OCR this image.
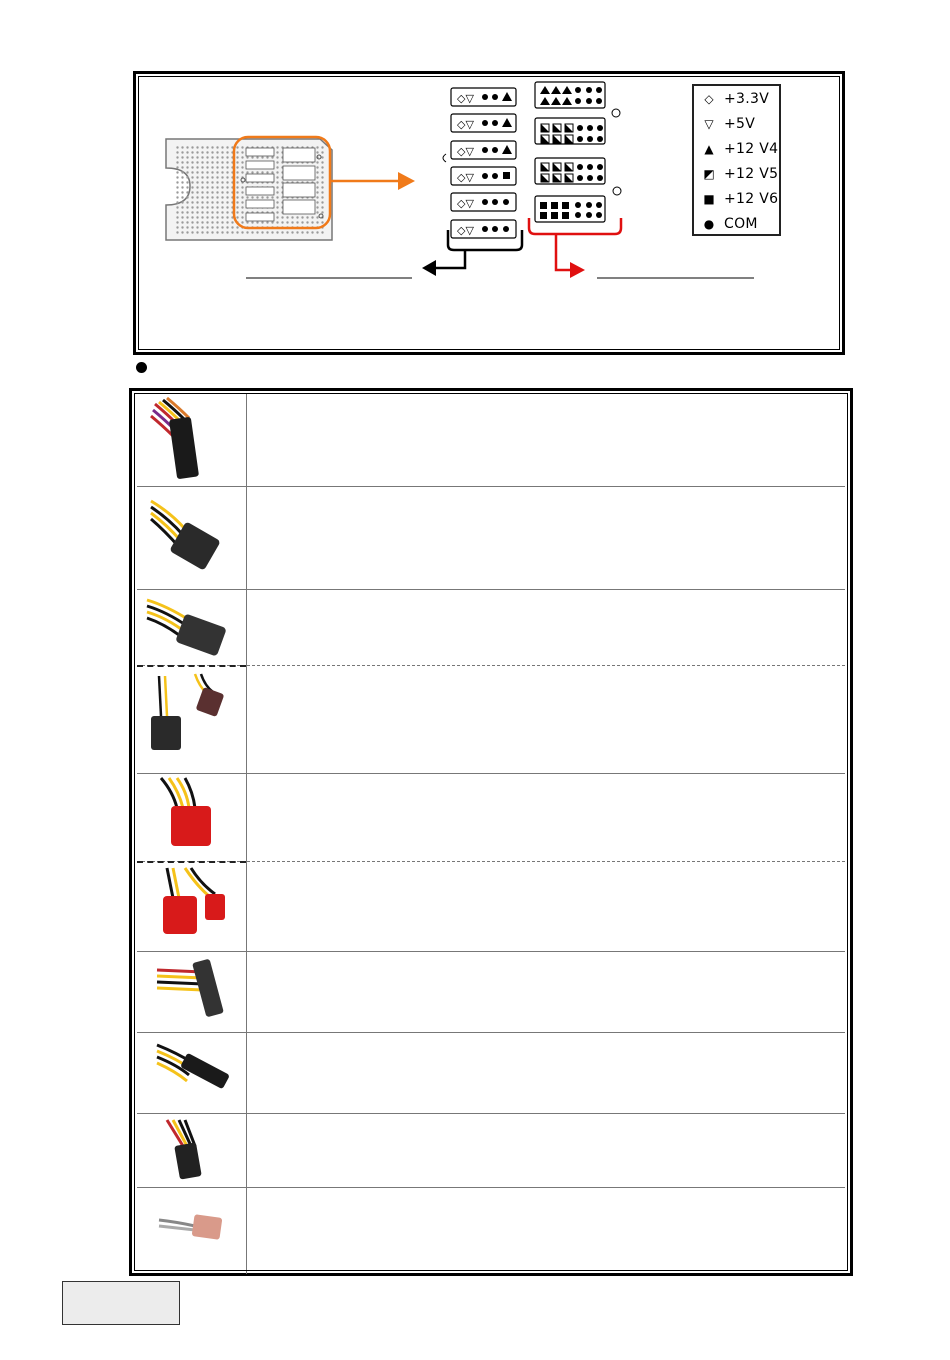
◇▽
◇▽
◇▽
◇▽
◇▽
◇▽
◇ +3.3V
▽ +5V
▲ +12 V4
◩ +12 V5
■ +12 V6
● COM
